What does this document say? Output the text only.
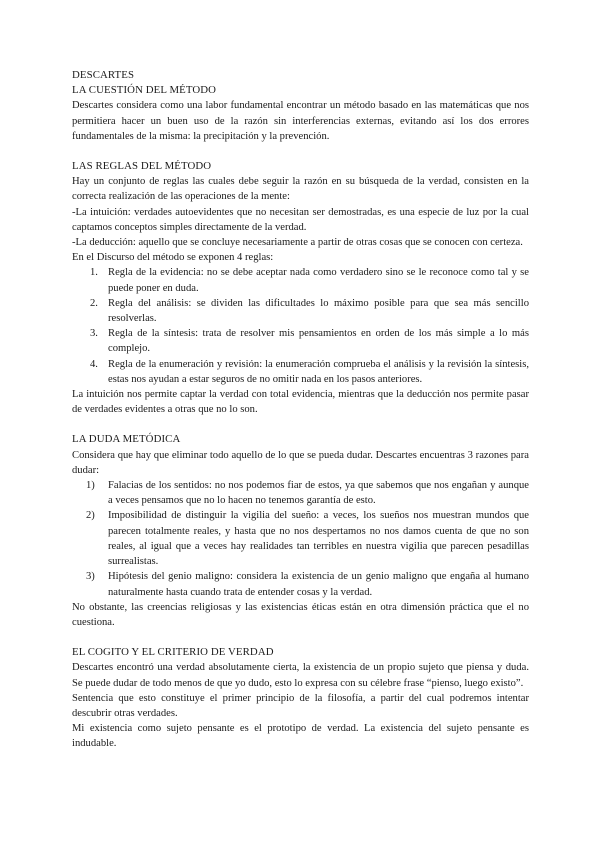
DESCARTES

LA CUESTIÓN DEL MÉTODO

Descartes considera como una labor fundamental encontrar un método basado en las matemáticas que nos permitiera hacer un buen uso de la razón sin interferencias externas, evitando así los dos errores fundamentales de la misma: la precipitación y la prevención.

LAS REGLAS DEL MÉTODO

Hay un conjunto de reglas las cuales debe seguir la razón en su búsqueda de la verdad, consisten en la correcta realización de las operaciones de la mente:

-La intuición: verdades autoevidentes que no necesitan ser demostradas, es una especie de luz por la cual captamos conceptos simples directamente de la verdad.

-La deducción: aquello que se concluye necesariamente a partir de otras cosas que se conocen con certeza.

En el Discurso del método se exponen 4 reglas:

1. Regla de la evidencia: no se debe aceptar nada como verdadero sino se le reconoce como tal y se puede poner en duda.
2. Regla del análisis: se dividen las dificultades lo máximo posible para que sea más sencillo resolverlas.
3. Regla de la síntesis: trata de resolver mis pensamientos en orden de los más simple a lo más complejo.
4. Regla de la enumeración y revisión: la enumeración comprueba el análisis y la revisión la síntesis, estas nos ayudan a estar seguros de no omitir nada en los pasos anteriores.

La intuición nos permite captar la verdad con total evidencia, mientras que la deducción nos permite pasar de verdades evidentes a otras que no lo son.

LA DUDA METÓDICA

Considera que hay que eliminar todo aquello de lo que se pueda dudar. Descartes encuentras 3 razones para dudar:

1) Falacias de los sentidos: no nos podemos fiar de estos, ya que sabemos que nos engañan y aunque a veces pensamos que no lo hacen no tenemos garantía de esto.
2) Imposibilidad de distinguir la vigilia del sueño: a veces, los sueños nos muestran mundos que parecen totalmente reales, y hasta que no nos despertamos no nos damos cuenta de que no son reales, al igual que a veces hay realidades tan terribles en nuestra vigilia que parecen pesadillas surrealistas.
3) Hipótesis del genio maligno: considera la existencia de un genio maligno que engaña al humano naturalmente hasta cuando trata de entender cosas y la verdad.

No obstante, las creencias religiosas y las existencias éticas están en otra dimensión práctica que el no cuestiona.

EL COGITO Y EL CRITERIO DE VERDAD

Descartes encontró una verdad absolutamente cierta, la existencia de un propio sujeto que piensa y duda. Se puede dudar de todo menos de que yo dudo, esto lo expresa con su célebre frase “pienso, luego existo”.

Sentencia que esto constituye el primer principio de la filosofía, a partir del cual podremos intentar descubrir otras verdades.

Mi existencia como sujeto pensante es el prototipo de verdad. La existencia del sujeto pensante es indudable.
